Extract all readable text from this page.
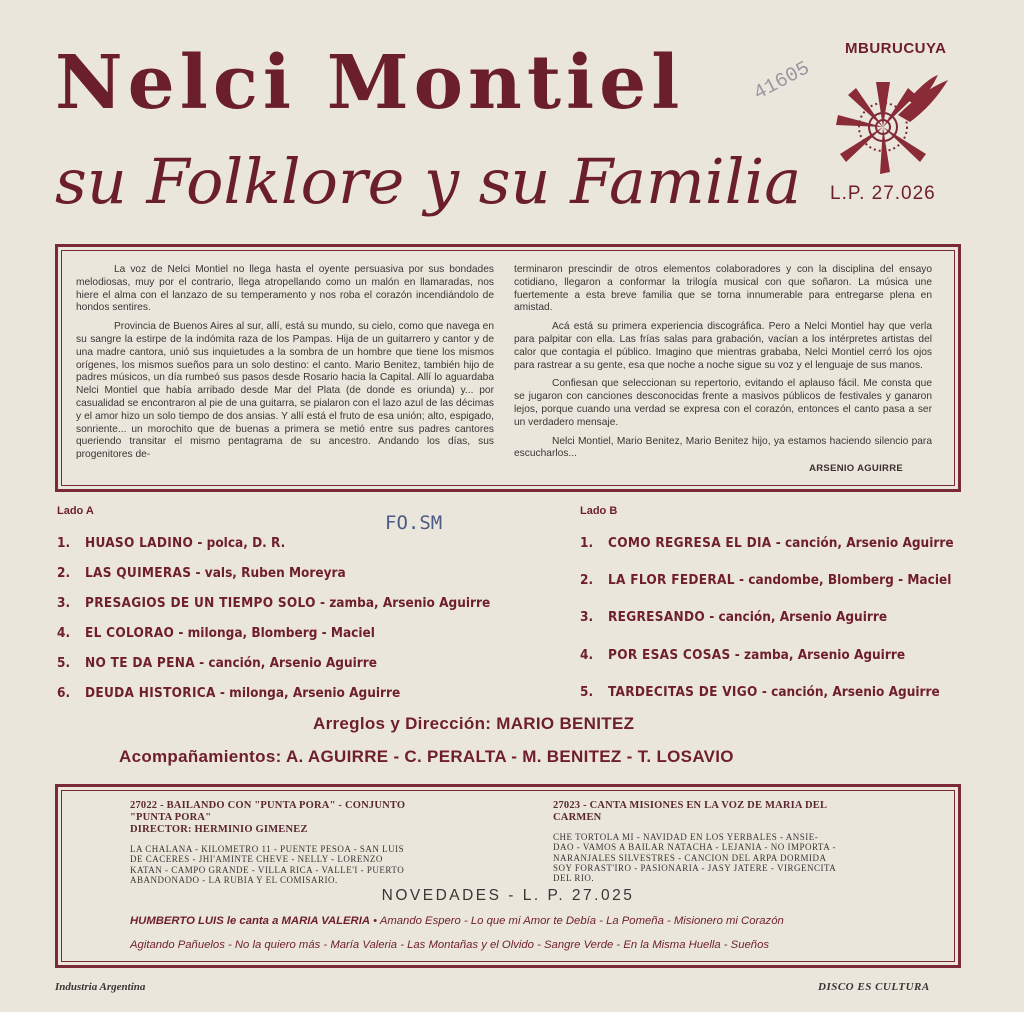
Nelci Montiel
su Folklore y su Familia
MBURUCUYA
41605
L.P. 27.026

La voz de Nelci Montiel no llega hasta el oyente persuasiva por sus bondades melodiosas, muy por el contrario, llega atropellando como un malón en llamaradas, nos hiere el alma con el lanzazo de su temperamento y nos roba el corazón incendiándolo de hondos sentires.

Provincia de Buenos Aires al sur, allí, está su mundo, su cielo, como que navega en su sangre la estirpe de la indómita raza de los Pampas. Hija de un guitarrero y cantor y de una madre cantora, unió sus inquietudes a la sombra de un hombre que tiene los mismos orígenes, los mismos sueños para un solo destino: el canto. Mario Benitez, también hijo de padres músicos, un día rumbeó sus pasos desde Rosario hacia la Capital. Allí lo aguardaba Nelci Montiel que había arribado desde Mar del Plata (de donde es oriunda) y... por casualidad se encontraron al pie de una guitarra, se pialaron con el lazo azul de las décimas y el amor hizo un solo tiempo de dos ansias. Y allí está el fruto de esa unión; alto, espigado, sonriente... un morochito que de buenas a primera se metió entre sus padres cantores queriendo transitar el mismo pentagrama de su ancestro. Andando los días, sus progenitores de-

terminaron prescindir de otros elementos colaboradores y con la disciplina del ensayo cotidiano, llegaron a conformar la trilogía musical con que soñaron. La música une fuertemente a esta breve familia que se torna innumerable para entregarse plena en amistad.

Acá está su primera experiencia discográfica. Pero a Nelci Montiel hay que verla para palpitar con ella. Las frías salas para grabación, vacían a los intérpretes artistas del calor que contagia el público. Imagino que mientras grababa, Nelci Montiel cerró los ojos para rastrear a su gente, esa que noche a noche sigue su voz y el lenguaje de sus manos.

Confiesan que seleccionan su repertorio, evitando el aplauso fácil. Me consta que se jugaron con canciones desconocidas frente a masivos públicos de festivales y ganaron lejos, porque cuando una verdad se expresa con el corazón, entonces el canto pasa a ser un verdadero mensaje.

Nelci Montiel, Mario Benitez, Mario Benitez hijo, ya estamos haciendo silencio para escucharlos...

ARSENIO AGUIRRE
Lado A
1. HUASO LADINO - polca, D. R.
2. LAS QUIMERAS - vals, Ruben Moreyra
3. PRESAGIOS DE UN TIEMPO SOLO - zamba, Arsenio Aguirre
4. EL COLORAO - milonga, Blomberg - Maciel
5. NO TE DA PENA - canción, Arsenio Aguirre
6. DEUDA HISTORICA - milonga, Arsenio Aguirre
FO.SM
Lado B
1. COMO REGRESA EL DIA - canción, Arsenio Aguirre
2. LA FLOR FEDERAL - candombe, Blomberg - Maciel
3. REGRESANDO - canción, Arsenio Aguirre
4. POR ESAS COSAS - zamba, Arsenio Aguirre
5. TARDECITAS DE VIGO - canción, Arsenio Aguirre
Arreglos y Dirección: MARIO BENITEZ
Acompañamientos: A. AGUIRRE - C. PERALTA - M. BENITEZ - T. LOSAVIO
27022 - BAILANDO CON "PUNTA PORA" - CONJUNTO
"PUNTA PORA"
DIRECTOR: HERMINIO GIMENEZ
LA CHALANA - KILOMETRO 11 - PUENTE PESOA - SAN LUIS
DE CACERES - JHI'AMINTE CHEVE - NELLY - LORENZO
KATAN - CAMPO GRANDE - VILLA RICA - VALLE'I - PUERTO
ABANDONADO - LA RUBIA Y EL COMISARIO.
27023 - CANTA MISIONES EN LA VOZ DE MARIA DEL
CARMEN
CHE TORTOLA MI - NAVIDAD EN LOS YERBALES - ANSIE-
DAO - VAMOS A BAILAR NATACHA - LEJANIA - NO IMPORTA -
NARANJALES SILVESTRES - CANCION DEL ARPA DORMIDA
SOY FORAST'IRO - PASIONARIA - JASY JATERE - VIRGENCITA
DEL RIO.
NOVEDADES - L. P. 27.025
HUMBERTO LUIS le canta a MARIA VALERIA • Amando Espero - Lo que mi Amor te Debía - La Pomeña - Misionero mi Corazón
Agitando Pañuelos - No la quiero más - María Valeria - Las Montañas y el Olvido - Sangre Verde - En la Misma Huella - Sueños
Industria Argentina	DISCO ES CULTURA
